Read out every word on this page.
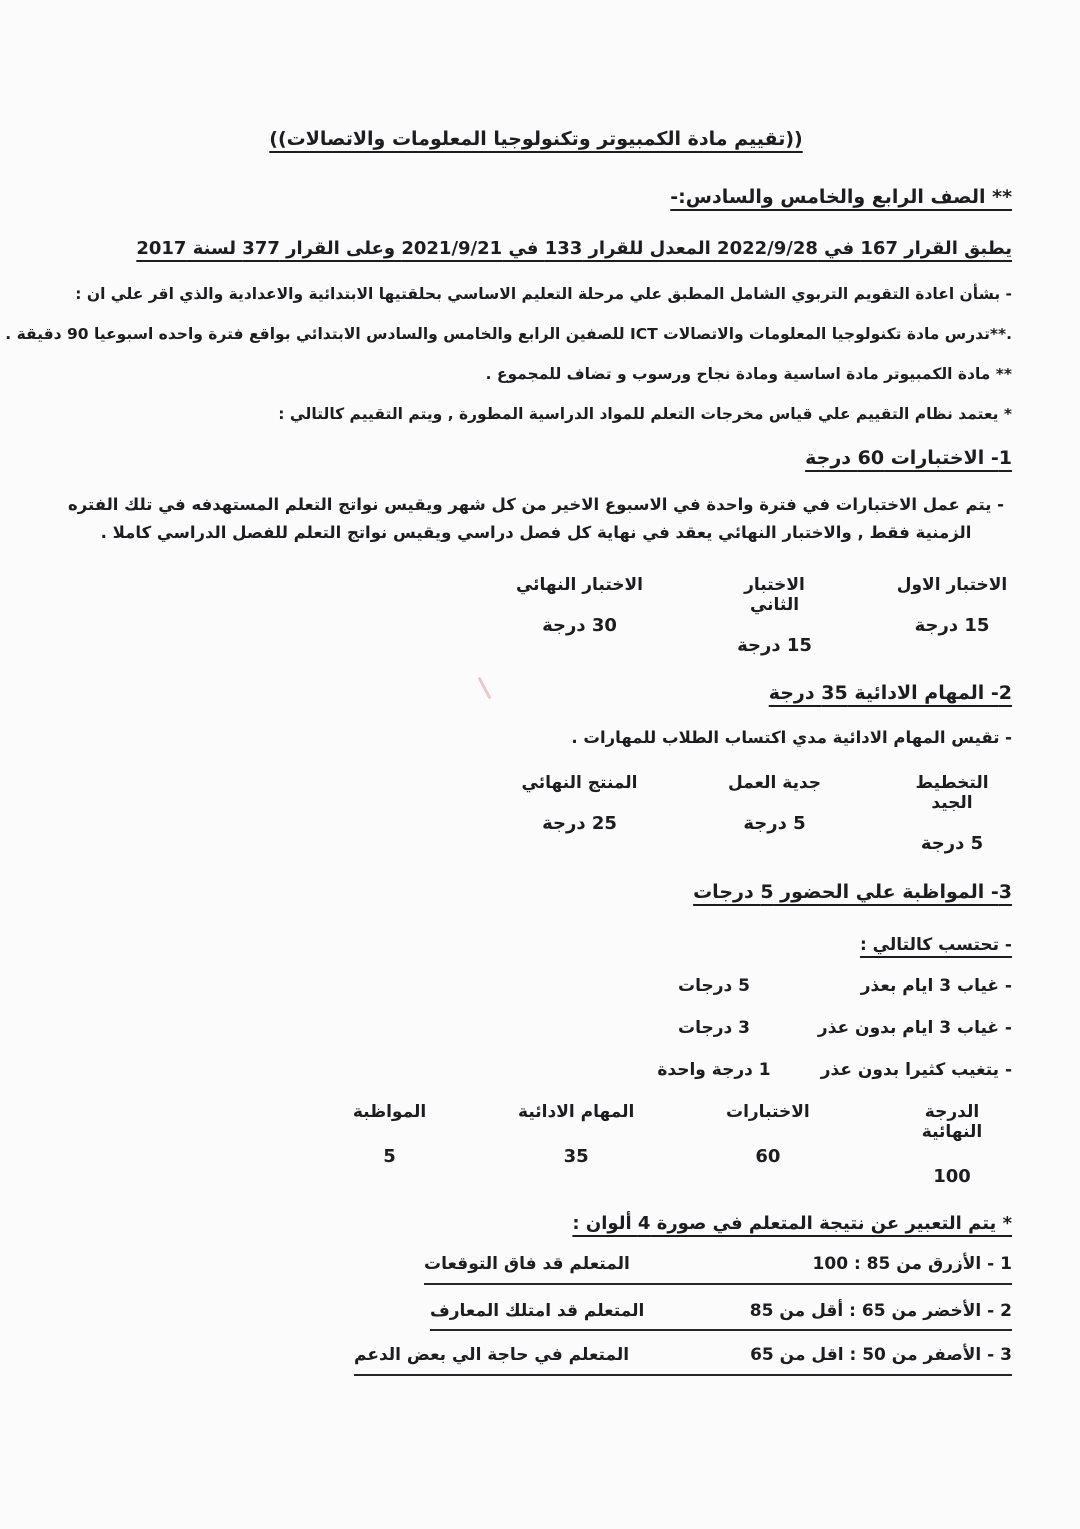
((تقييم مادة الكمبيوتر وتكنولوجيا المعلومات والاتصالات))

** الصف الرابع والخامس والسادس:-

يطبق القرار 167 في 2022/9/28 المعدل للقرار 133 في 2021/9/21 وعلى القرار 377 لسنة 2017

- بشأن اعادة التقويم التربوي الشامل المطبق علي مرحلة التعليم الاساسي بحلقتيها الابتدائية والاعدادية والذي اقر علي ان :

.**تدرس مادة تكنولوجيا المعلومات والاتصالات ICT للصفين الرابع والخامس والسادس الابتدائي بواقع فترة واحده اسبوعيا 90 دقيقة .

** مادة الكمبيوتر مادة اساسية ومادة نجاح ورسوب و تضاف للمجموع .

* يعتمد نظام التقييم علي قياس مخرجات التعلم للمواد الدراسية المطورة , ويتم التقييم كالتالي :

1- الاختبارات 60 درجة

- يتم عمل الاختبارات في فترة واحدة في الاسبوع الاخير من كل شهر ويقيس نواتج التعلم المستهدفه في تلك الفتره الزمنية فقط , والاختبار النهائي يعقد في نهاية كل فصل دراسي ويقيس نواتج التعلم للفصل الدراسي كاملا .

الاختبار الاول

15 درجة

الاختبار الثاني

15 درجة

الاختبار النهائي

30 درجة

2- المهام الادائية 35 درجة

- تقيس المهام الادائية مدي اكتساب الطلاب للمهارات .

التخطيط الجيد

5 درجة

جدية العمل

5 درجة

المنتج النهائي

25 درجة

3- المواظبة علي الحضور 5 درجات

- تحتسب كالتالي :

- غياب 3 ايام بعذر

5 درجات

- غياب 3 ايام بدون عذر

3 درجات

- يتغيب كثيرا بدون عذر

1 درجة واحدة

الدرجة النهائية

100

الاختبارات

60

المهام الادائية

35

المواظبة

5

* يتم التعبير عن نتيجة المتعلم في صورة 4 ألوان :

1 - الأزرق من 85 : 100

المتعلم قد فاق التوقعات

2 - الأخضر من 65 : أقل من 85

المتعلم قد امتلك المعارف

3 - الأصفر من 50 : اقل من 65

المتعلم في حاجة الي بعض الدعم
